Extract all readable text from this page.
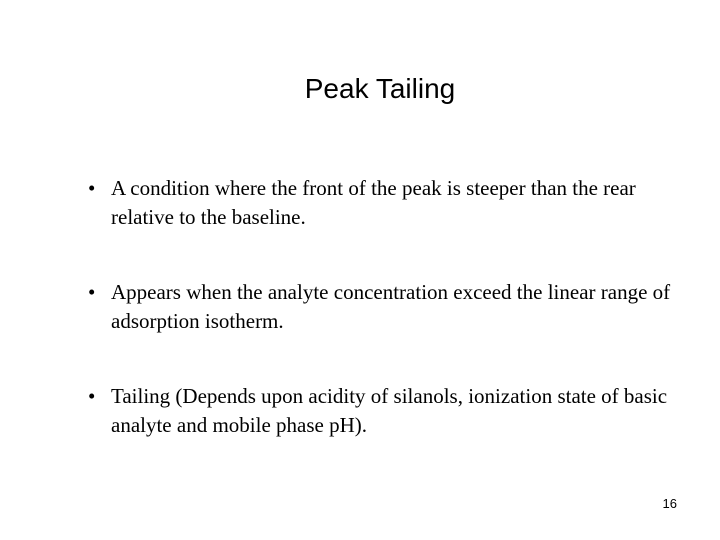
Peak Tailing
• A condition where the front of the peak is steeper than the rear relative to the baseline.
• Appears when the analyte concentration exceed the linear range of adsorption isotherm.
• Tailing (Depends upon acidity of silanols, ionization state of basic analyte and mobile phase pH).
16
